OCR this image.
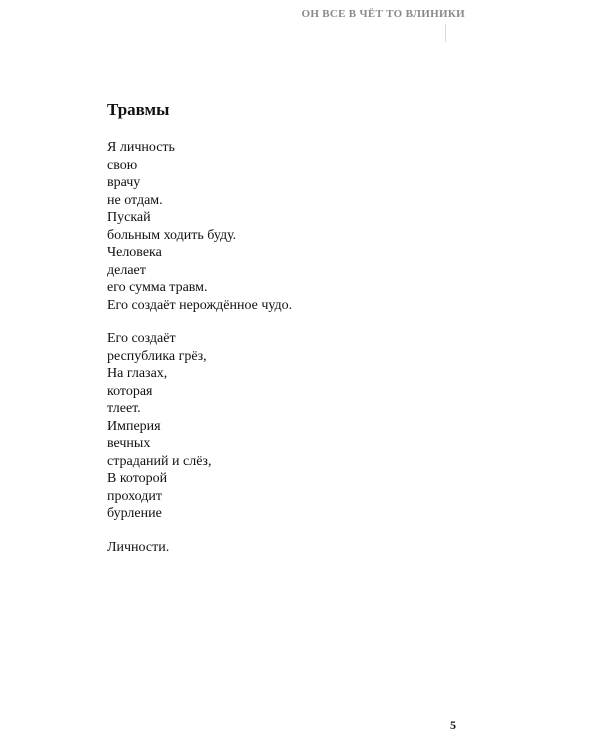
ОН ВСЕ В ЧЁТ ТО ВЛИНИКИ
Травмы
Я личность
свою
врачу
не отдам.
Пускай
больным ходить буду.
Человека
делает
его сумма травм.
Его создаёт нерождённое чудо.
Его создаёт
республика грёз,
На глазах,
которая
тлеет.
Империя
вечных
страданий и слёз,
В которой
проходит
бурление
Личности.
5
